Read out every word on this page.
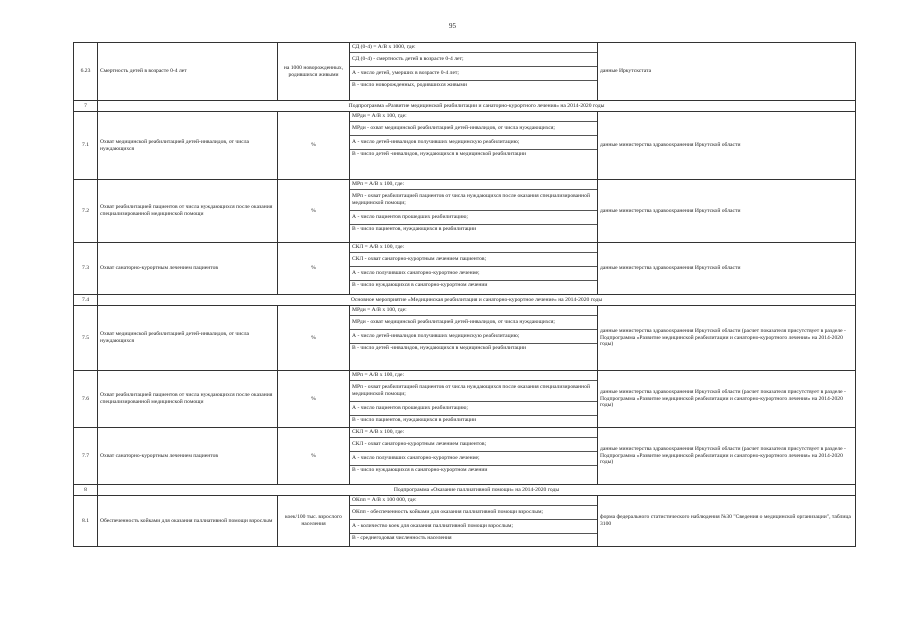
95
6.23	Смертность детей в возрасте 0-4 лет	на 1000 новорожденных, родившихся живыми	СД (0-4) = А/В х 1000, где:
СД (0-4) - смертность детей в возрасте 0-4 лет;
А - число детей, умерших в возрасте 0-4 лет;
В - число новорожденных, родившихся живыми	данные Иркутскстата
7	Подпрограмма «Развитие медицинской реабилитации и санаторно-курортного лечения» на 2014-2020 годы			
7.1	Охват медицинской реабилитацией детей-инвалидов, от числа нуждающихся	%	МРди = А/В х 100, где:
МРди - охват медицинской реабилитацией детей-инвалидов, от числа нуждающихся;
А - число детей-инвалидов получивших медицинскую реабилитацию;
В - число детей -инвалидов, нуждающихся в медицинской реабилитации	данные министерства здравоохранения Иркутской области
7.2	Охват реабилитацией пациентов от числа нуждающихся после оказания специализированной медицинской помощи	%	МРп = А/В х 100, где:
МРп - охват реабилитацией пациентов от числа нуждающихся после оказания специализированной медицинской помощи;
А - число пациентов прошедших реабилитацию;
В - число пациентов, нуждающихся в реабилитации	данные министерства здравоохранения Иркутской области
7.3	Охват санаторно-курортным лечением пациентов	%	СКЛ = А/В х 100, где:
СКЛ - охват санаторно-курортным лечением пациентов;
А - число получивших санаторно-курортное лечение;
В - число нуждающихся в санаторно-курортном лечении	данные министерства здравоохранения Иркутской области
7.4	Основное мероприятие «Медицинская реабилитация и санаторно-курортное лечение» на 2014-2020 годы			
7.5	Охват медицинской реабилитацией детей-инвалидов, от числа нуждающихся	%	МРди = А/В х 100, где:
МРди - охват медицинской реабилитацией детей-инвалидов, от числа нуждающихся;
А - число детей-инвалидов получивших медицинскую реабилитацию;
В - число детей -инвалидов, нуждающихся в медицинской реабилитации	данные министерства здравоохранения Иркутской области (расчет показателя присутствует в разделе - Подпрограмма «Развитие медицинской реабилитации и санаторно-курортного лечения» на 2014-2020 годы)
7.6	Охват реабилитацией пациентов от числа нуждающихся после оказания специализированной медицинской помощи	%	МРп = А/В х 100, где:
МРп - охват реабилитацией пациентов от числа нуждающихся после оказания специализированной медицинской помощи;
А - число пациентов прошедших реабилитацию;
В - число пациентов, нуждающихся в реабилитации	данные министерства здравоохранения Иркутской области (расчет показателя присутствует в разделе - Подпрограмма «Развитие медицинской реабилитации и санаторно-курортного лечения» на 2014-2020 годы)
7.7	Охват санаторно-курортным лечением пациентов	%	СКЛ = А/В х 100, где:
СКЛ - охват санаторно-курортным лечением пациентов;
А - число получивших санаторно-курортное лечение;
В - число нуждающихся в санаторно-курортном лечении	данные министерства здравоохранения Иркутской области (расчет показателя присутствует в разделе - Подпрограмма «Развитие медицинской реабилитации и санаторно-курортного лечения» на 2014-2020 годы)
8	Подпрограмма «Оказание паллиативной помощи» на 2014-2020 годы			
8.1	Обеспеченность койками для оказания паллиативной помощи взрослым	коек/100 тыс. взрослого населения	ОКпп = А/В х 100 000, где:
ОКпп - обеспеченность койками для оказания паллиативной помощи взрослым;
А - количество коек для оказания паллиативной помощи взрослым;
В - среднегодовая численность населения	форма федерального статистического наблюдения №30 "Сведения о медицинской организации", таблица 3100
